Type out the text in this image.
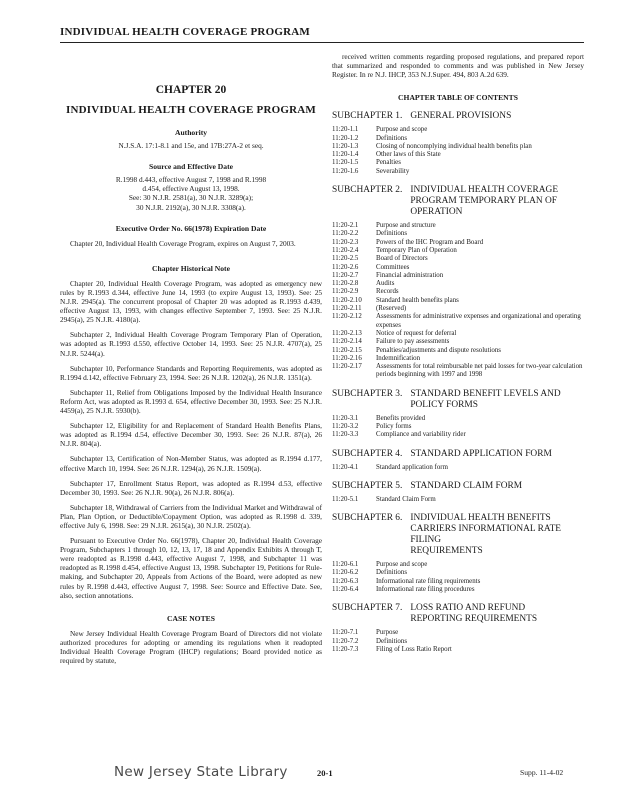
INDIVIDUAL HEALTH COVERAGE PROGRAM
CHAPTER 20
INDIVIDUAL HEALTH COVERAGE PROGRAM
Authority
N.J.S.A. 17:1-8.1 and 15e, and 17B:27A-2 et seq.
Source and Effective Date
R.1998 d.443, effective August 7, 1998 and R.1998
d.454, effective August 13, 1998.
See: 30 N.J.R. 2581(a), 30 N.J.R. 3289(a);
30 N.J.R. 2192(a), 30 N.J.R. 3308(a).
Executive Order No. 66(1978) Expiration Date

Chapter 20, Individual Health Coverage Program, expires on August 7, 2003.

Chapter Historical Note

Chapter 20, Individual Health Coverage Program, was adopted as emergency new rules by R.1993 d.344, effective June 14, 1993 (to expire August 13, 1993). See: 25 N.J.R. 2945(a). The concurrent proposal of Chapter 20 was adopted as R.1993 d.439, effective August 13, 1993, with changes effective September 7, 1993. See: 25 N.J.R. 2945(a), 25 N.J.R. 4180(a).

Subchapter 2, Individual Health Coverage Program Temporary Plan of Operation, was adopted as R.1993 d.550, effective October 14, 1993. See: 25 N.J.R. 4707(a), 25 N.J.R. 5244(a).

Subchapter 10, Performance Standards and Reporting Requirements, was adopted as R.1994 d.142, effective February 23, 1994. See: 26 N.J.R. 1202(a), 26 N.J.R. 1351(a).

Subchapter 11, Relief from Obligations Imposed by the Individual Health Insurance Reform Act, was adopted as R.1993 d. 654, effective December 30, 1993. See: 25 N.J.R. 4459(a), 25 N.J.R. 5930(b).

Subchapter 12, Eligibility for and Replacement of Standard Health Benefits Plans, was adopted as R.1994 d.54, effective December 30, 1993. See: 26 N.J.R. 87(a), 26 N.J.R. 804(a).

Subchapter 13, Certification of Non-Member Status, was adopted as R.1994 d.177, effective March 10, 1994. See: 26 N.J.R. 1294(a), 26 N.J.R. 1509(a).

Subchapter 17, Enrollment Status Report, was adopted as R.1994 d.53, effective December 30, 1993. See: 26 N.J.R. 90(a), 26 N.J.R. 806(a).

Subchapter 18, Withdrawal of Carriers from the Individual Market and Withdrawal of Plan, Plan Option, or Deductible/Copayment Option, was adopted as R.1998 d. 339, effective July 6, 1998. See: 29 N.J.R. 2615(a), 30 N.J.R. 2502(a).

Pursuant to Executive Order No. 66(1978), Chapter 20, Individual Health Coverage Program, Subchapters 1 through 10, 12, 13, 17, 18 and Appendix Exhibits A through T, were readopted as R.1998 d.443, effective August 7, 1998, and Subchapter 11 was readopted as R.1998 d.454, effective August 13, 1998. Subchapter 19, Petitions for Rule-making, and Subchapter 20, Appeals from Actions of the Board, were adopted as new rules by R.1998 d.443, effective August 7, 1998. See: Source and Effective Date. See, also, section annotations.

CASE NOTES

New Jersey Individual Health Coverage Program Board of Directors did not violate authorized procedures for adopting or amending its regulations when it readopted Individual Health Coverage Program (IHCP) regulations; Board provided notice as required by statute,

received written comments regarding proposed regulations, and prepared report that summarized and responded to comments and was published in New Jersey Register. In re N.J. IHCP, 353 N.J.Super. 494, 803 A.2d 639.

CHAPTER TABLE OF CONTENTS
SUBCHAPTER 1. GENERAL PROVISIONS
11:20-1.1	Purpose and scope
11:20-1.2	Definitions
11:20-1.3	Closing of noncomplying individual health benefits plan
11:20-1.4	Other laws of this State
11:20-1.5	Penalties
11:20-1.6	Severability
SUBCHAPTER 2. INDIVIDUAL HEALTH COVERAGE
PROGRAM TEMPORARY PLAN OF OPERATION
11:20-2.1	Purpose and structure
11:20-2.2	Definitions
11:20-2.3	Powers of the IHC Program and Board
11:20-2.4	Temporary Plan of Operation
11:20-2.5	Board of Directors
11:20-2.6	Committees
11:20-2.7	Financial administration
11:20-2.8	Audits
11:20-2.9	Records
11:20-2.10	Standard health benefits plans
11:20-2.11	(Reserved)
11:20-2.12	Assessments for administrative expenses and organizational and operating expenses
11:20-2.13	Notice of request for deferral
11:20-2.14	Failure to pay assessments
11:20-2.15	Penalties/adjustments and dispute resolutions
11:20-2.16	Indemnification
11:20-2.17	Assessments for total reimbursable net paid losses for two-year calculation periods beginning with 1997 and 1998
SUBCHAPTER 3. STANDARD BENEFIT LEVELS AND
POLICY FORMS
11:20-3.1	Benefits provided
11:20-3.2	Policy forms
11:20-3.3	Compliance and variability rider
SUBCHAPTER 4. STANDARD APPLICATION FORM
11:20-4.1	Standard application form
SUBCHAPTER 5. STANDARD CLAIM FORM
11:20-5.1	Standard Claim Form
SUBCHAPTER 6. INDIVIDUAL HEALTH BENEFITS
CARRIERS INFORMATIONAL RATE FILING
REQUIREMENTS
11:20-6.1	Purpose and scope
11:20-6.2	Definitions
11:20-6.3	Informational rate filing requirements
11:20-6.4	Informational rate filing procedures
SUBCHAPTER 7. LOSS RATIO AND REFUND
REPORTING REQUIREMENTS
11:20-7.1	Purpose
11:20-7.2	Definitions
11:20-7.3	Filing of Loss Ratio Report
New Jersey State Library	20-1	Supp. 11-4-02
